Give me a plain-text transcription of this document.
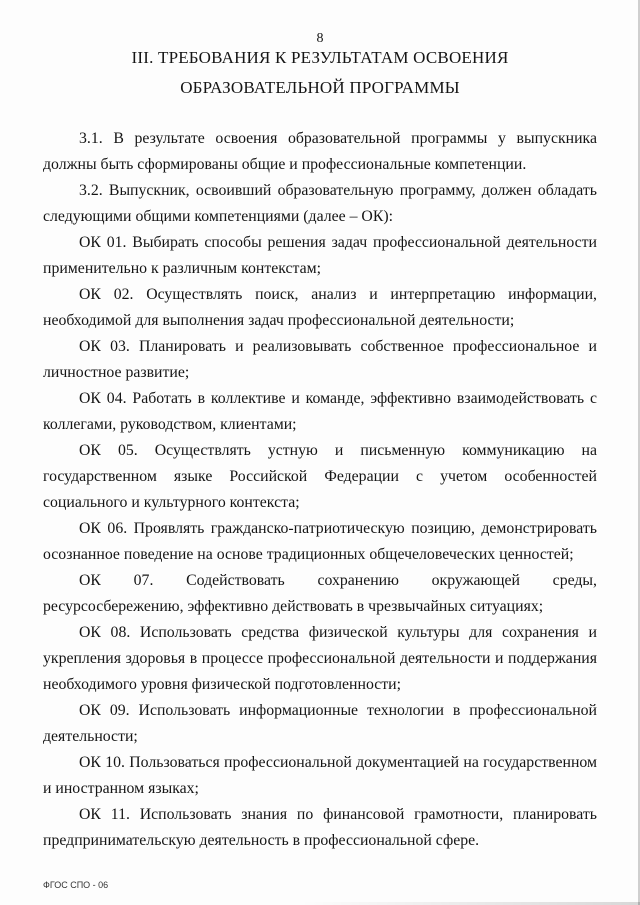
8
III. ТРЕБОВАНИЯ К РЕЗУЛЬТАТАМ ОСВОЕНИЯ
ОБРАЗОВАТЕЛЬНОЙ ПРОГРАММЫ

3.1. В результате освоения образовательной программы у выпускника должны быть сформированы общие и профессиональные компетенции.

3.2. Выпускник, освоивший образовательную программу, должен обладать следующими общими компетенциями (далее – ОК):

ОК 01. Выбирать способы решения задач профессиональной деятельности применительно к различным контекстам;

ОК 02. Осуществлять поиск, анализ и интерпретацию информации, необходимой для выполнения задач профессиональной деятельности;

ОК 03. Планировать и реализовывать собственное профессиональное и личностное развитие;

ОК 04. Работать в коллективе и команде, эффективно взаимодействовать с коллегами, руководством, клиентами;

ОК 05. Осуществлять устную и письменную коммуникацию на государственном языке Российской Федерации с учетом особенностей социального и культурного контекста;

ОК 06. Проявлять гражданско-патриотическую позицию, демонстрировать осознанное поведение на основе традиционных общечеловеческих ценностей;

ОК 07. Содействовать сохранению окружающей среды, ресурсосбережению, эффективно действовать в чрезвычайных ситуациях;

ОК 08. Использовать средства физической культуры для сохранения и укрепления здоровья в процессе профессиональной деятельности и поддержания необходимого уровня физической подготовленности;

ОК 09. Использовать информационные технологии в профессиональной деятельности;

ОК 10. Пользоваться профессиональной документацией на государственном и иностранном языках;

ОК 11. Использовать знания по финансовой грамотности, планировать предпринимательскую деятельность в профессиональной сфере.

ФГОС СПО - 06
